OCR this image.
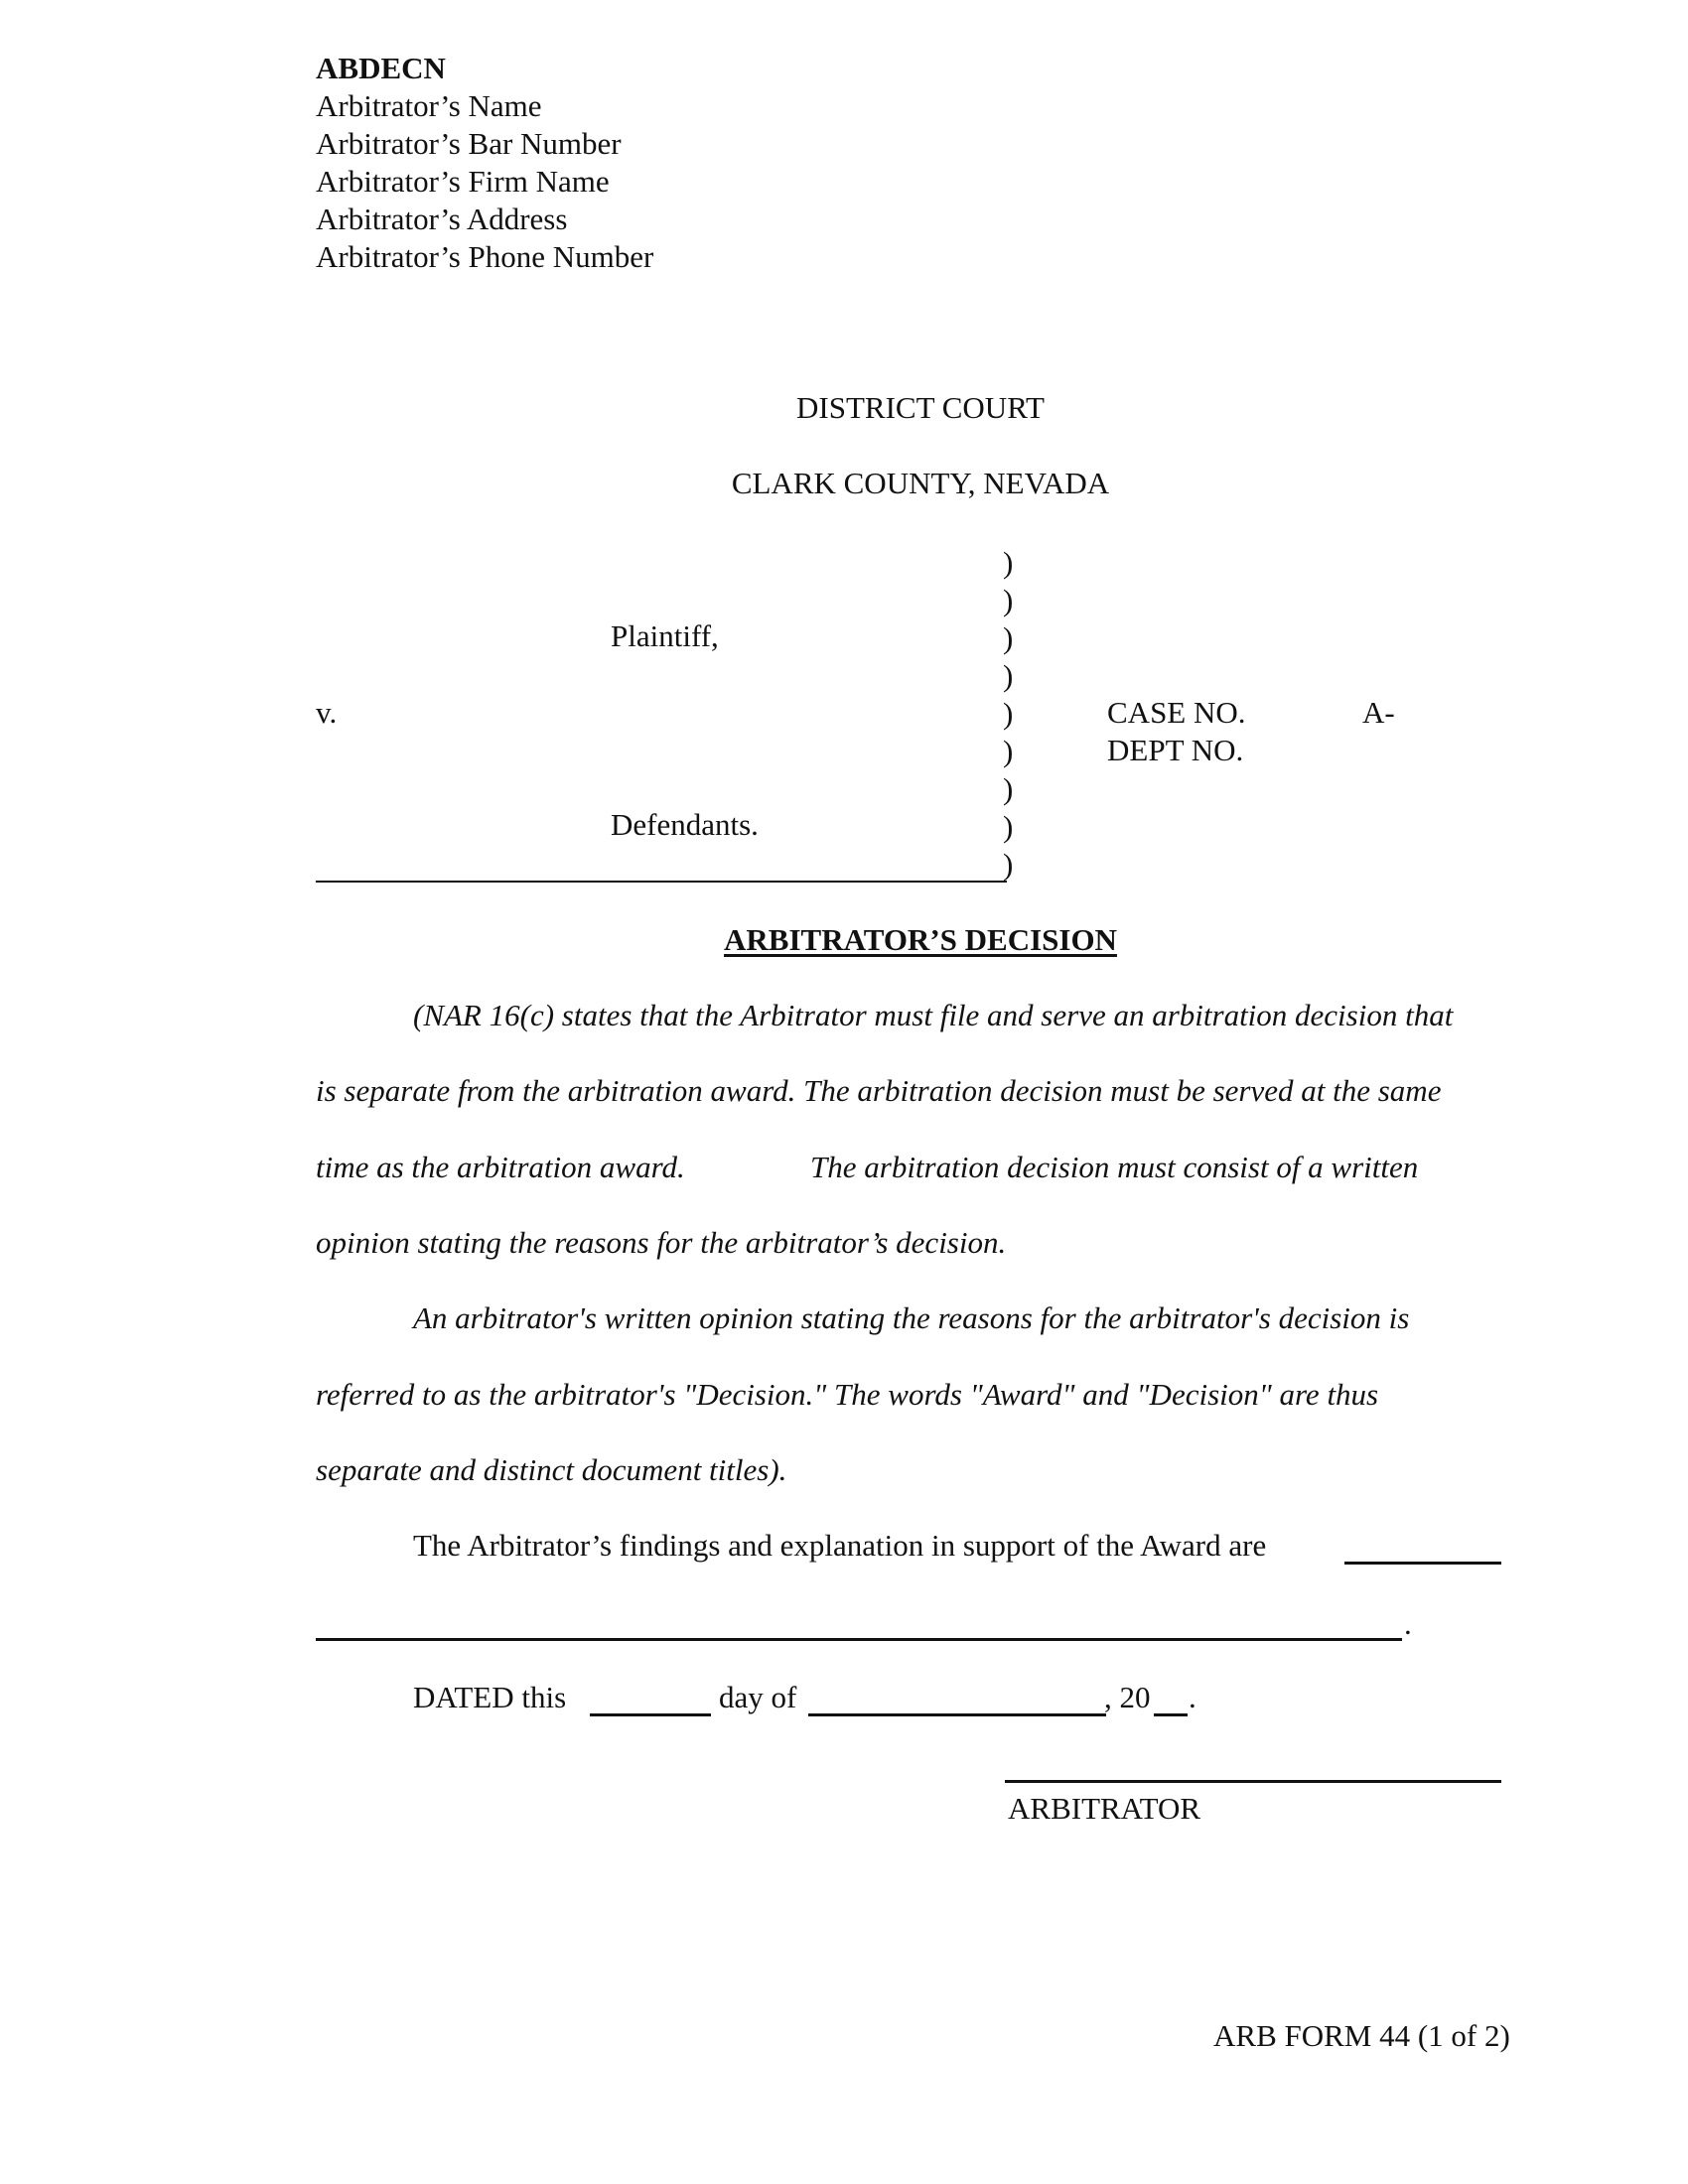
ABDECN
Arbitrator’s Name
Arbitrator’s Bar Number
Arbitrator’s Firm Name
Arbitrator’s Address
Arbitrator’s Phone Number
DISTRICT COURT
CLARK COUNTY, NEVADA
Plaintiff,
v.
Defendants.
)
)
)
)
)
)
)
)
)
CASE NO.	A-
DEPT NO.
ARBITRATOR’S DECISION
(NAR 16(c) states that the Arbitrator must file and serve an arbitration decision that
is separate from the arbitration award. The arbitration decision must be served at the same
time as the arbitration award.	The arbitration decision must consist of a written
opinion stating the reasons for the arbitrator’s decision.
An arbitrator's written opinion stating the reasons for the arbitrator's decision is
referred to as the arbitrator's "Decision." The words "Award" and "Decision" are thus
separate and distinct document titles).
The Arbitrator’s findings and explanation in support of the Award are
.
DATED this	day of	, 20 .
ARBITRATOR
ARB FORM 44 (1 of 2)
